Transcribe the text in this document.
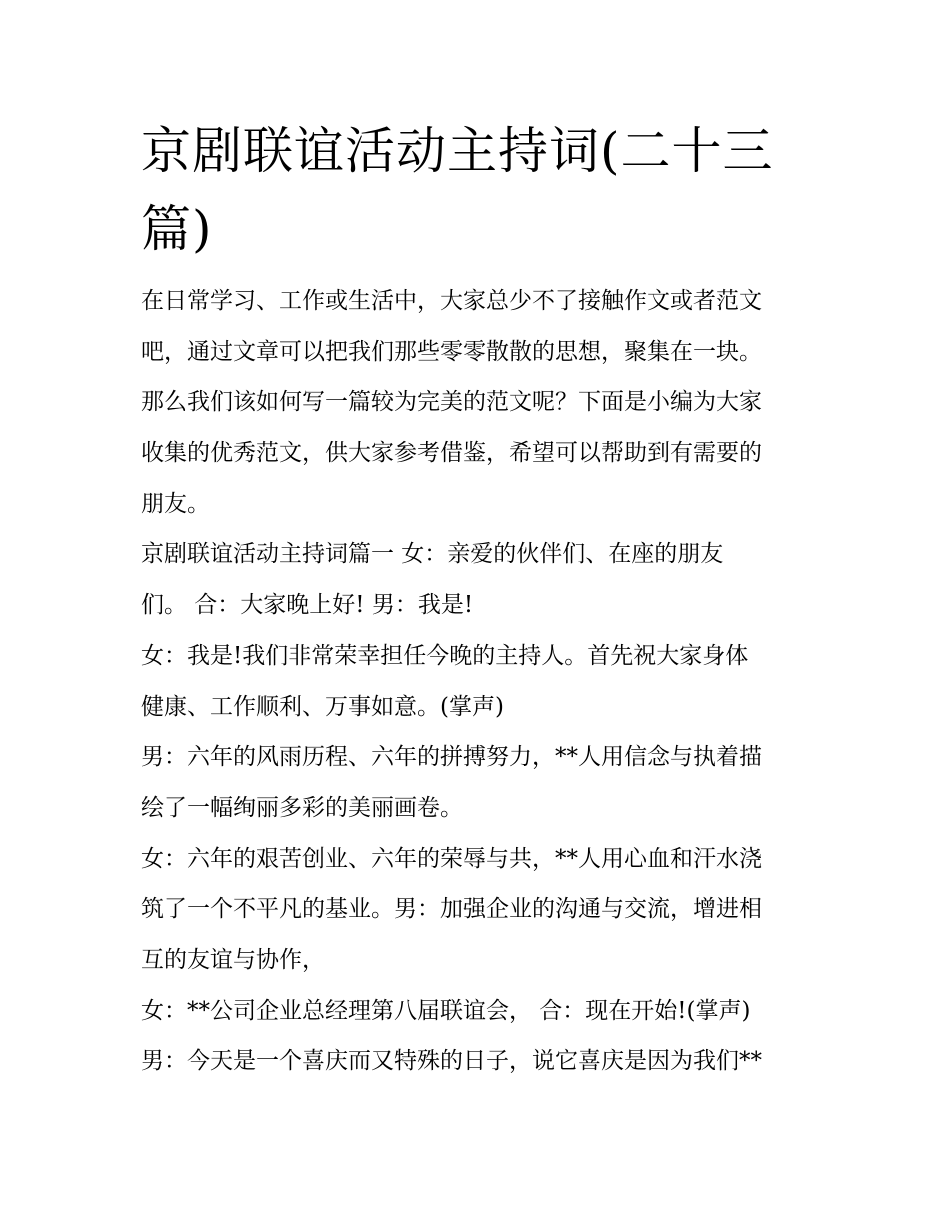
京剧联谊活动主持词(二十三
篇)

在日常学习、工作或生活中，大家总少不了接触作文或者范文

吧，通过文章可以把我们那些零零散散的思想，聚集在一块。

那么我们该如何写一篇较为完美的范文呢？下面是小编为大家

收集的优秀范文，供大家参考借鉴，希望可以帮助到有需要的

朋友。

京剧联谊活动主持词篇一 女：亲爱的伙伴们、在座的朋友

们。 合：大家晚上好! 男：我是!

女：我是!我们非常荣幸担任今晚的主持人。首先祝大家身体

健康、工作顺利、万事如意。(掌声)

男：六年的风雨历程、六年的拼搏努力，**人用信念与执着描

绘了一幅绚丽多彩的美丽画卷。

女：六年的艰苦创业、六年的荣辱与共，**人用心血和汗水浇

筑了一个不平凡的基业。男：加强企业的沟通与交流，增进相

互的友谊与协作，

女：**公司企业总经理第八届联谊会， 合：现在开始!(掌声)

男：今天是一个喜庆而又特殊的日子，说它喜庆是因为我们**
